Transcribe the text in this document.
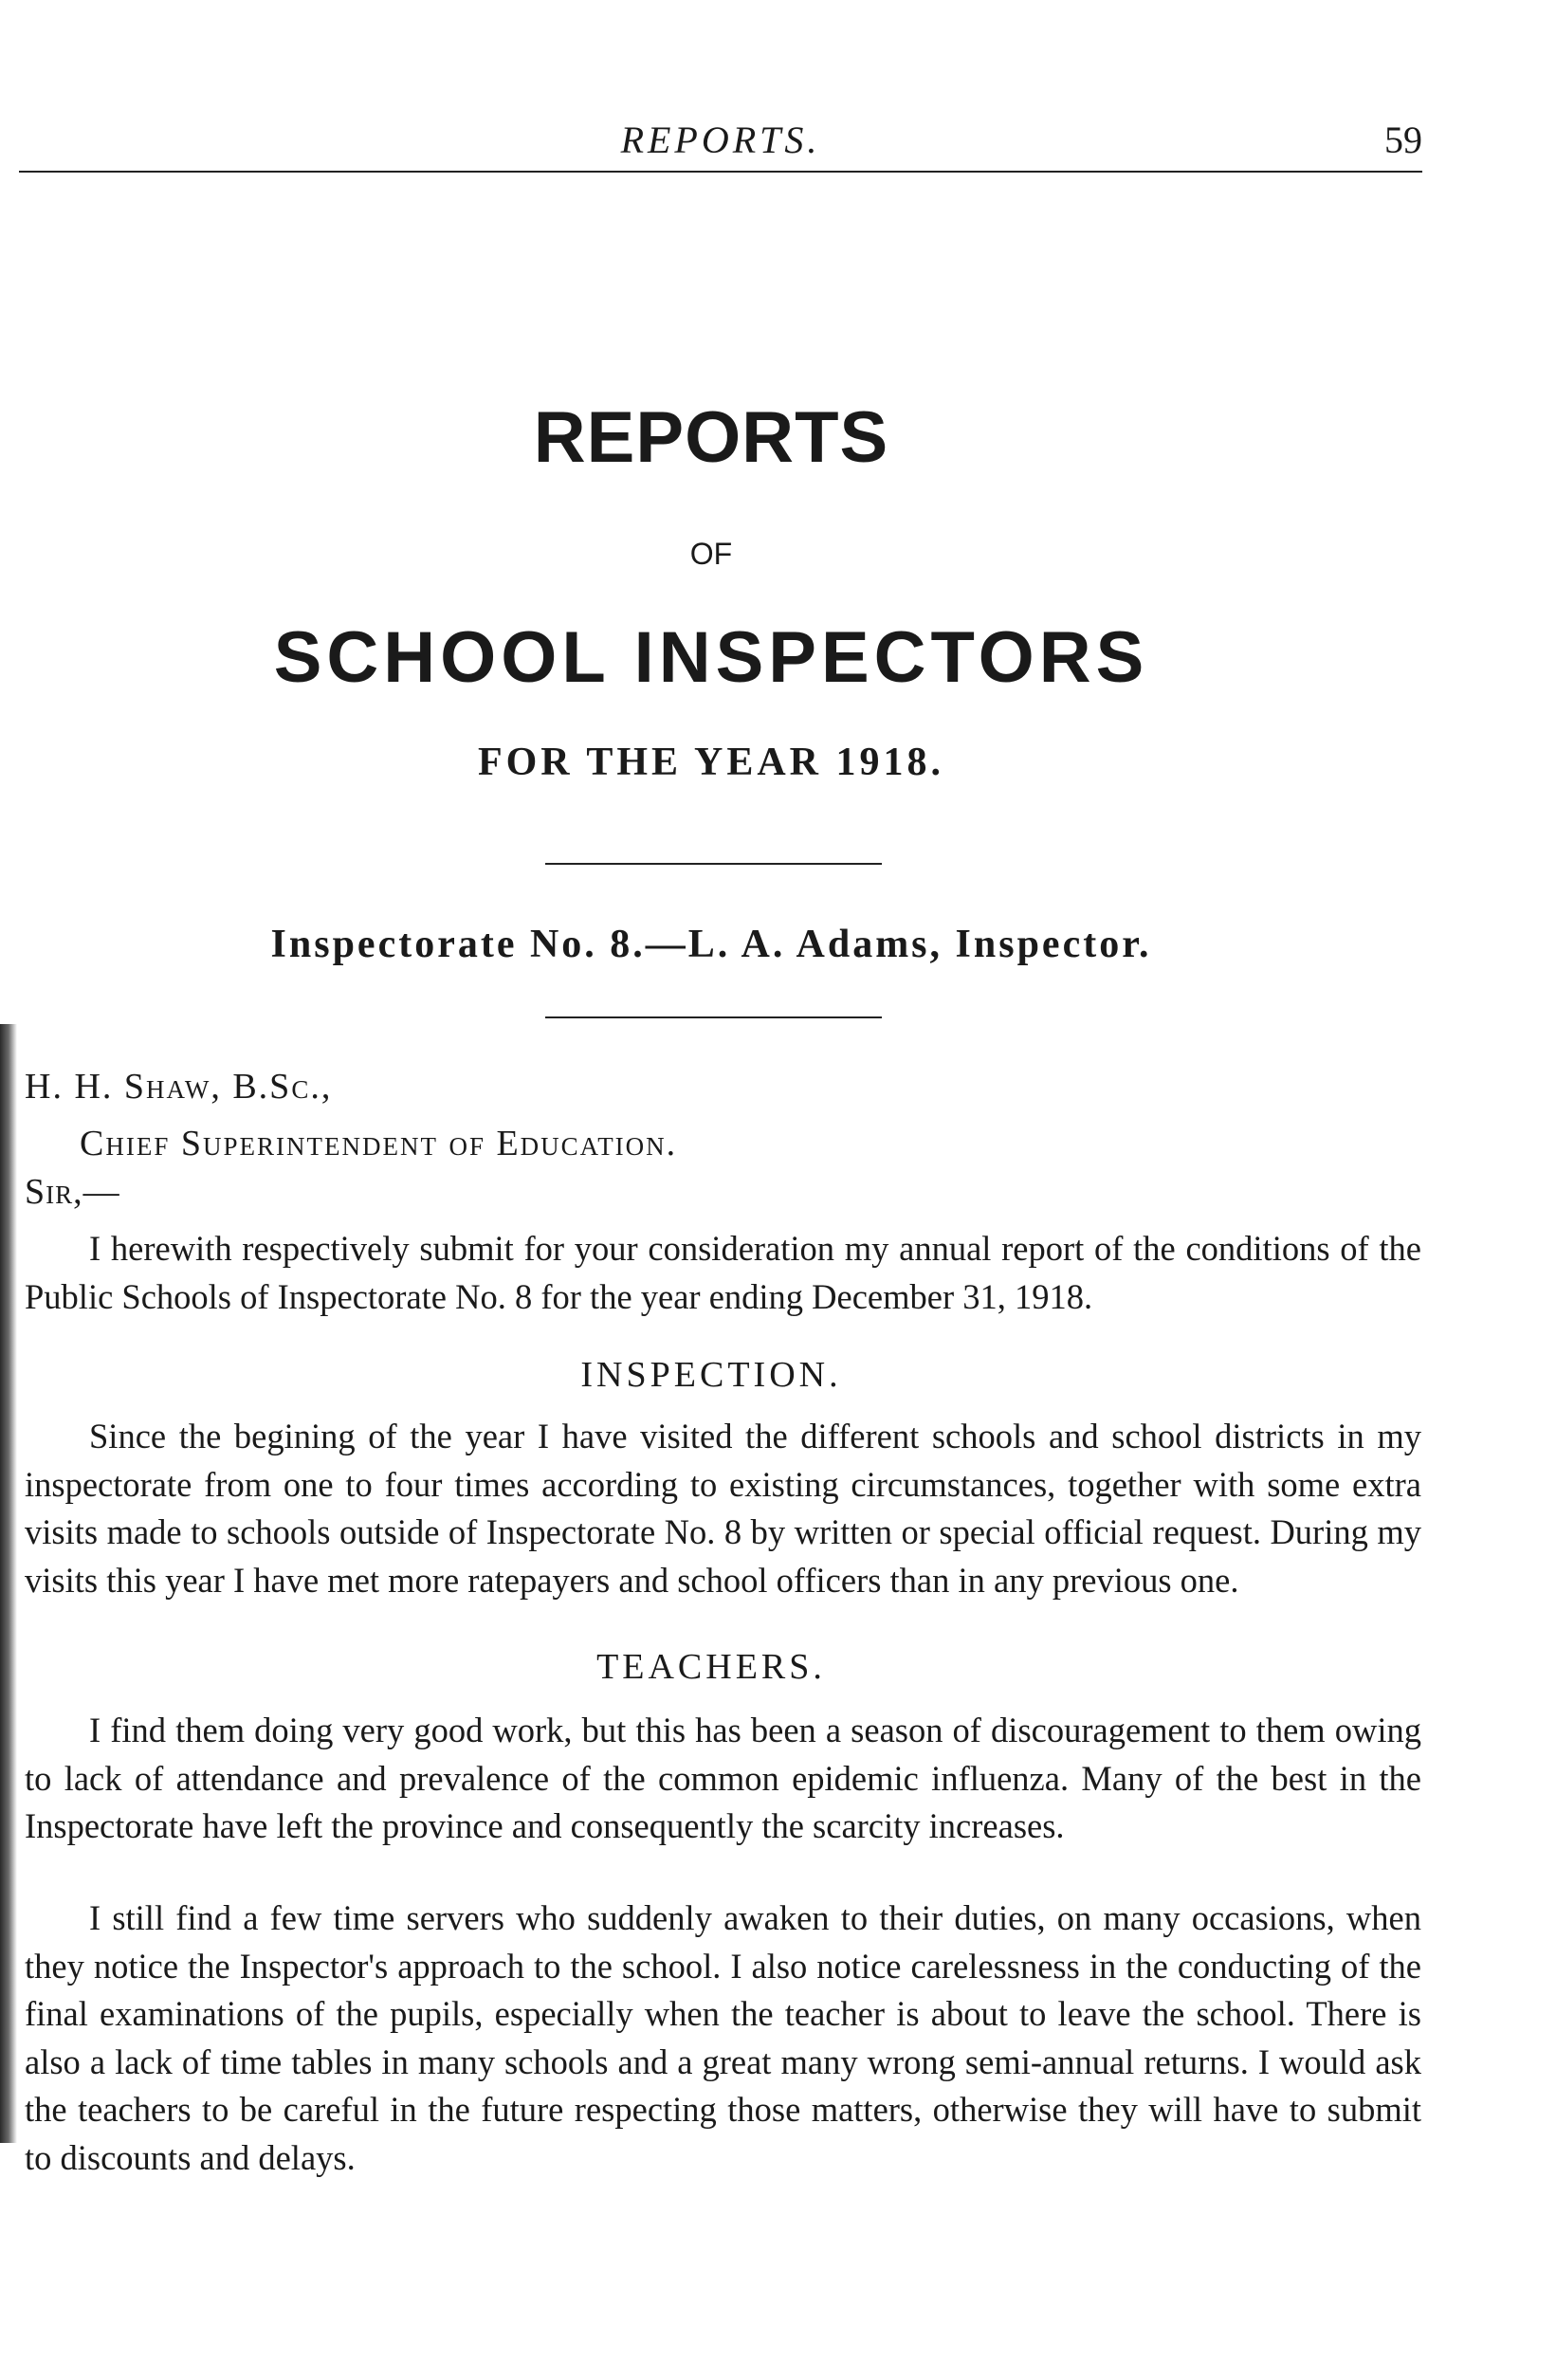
REPORTS.	59
REPORTS

OF

SCHOOL INSPECTORS

FOR THE YEAR 1918.

Inspectorate No. 8.—L. A. Adams, Inspector.

H. H. Shaw, B.Sc.,
Chief Superintendent of Education.
Sir,—

I herewith respectively submit for your consideration my annual report of the conditions of the Public Schools of Inspectorate No. 8 for the year ending December 31, 1918.

INSPECTION.

Since the begining of the year I have visited the different schools and school districts in my inspectorate from one to four times according to existing circumstances, together with some extra visits made to schools outside of Inspectorate No. 8 by written or special official request. During my visits this year I have met more ratepayers and school officers than in any previous one.

TEACHERS.

I find them doing very good work, but this has been a season of discouragement to them owing to lack of attendance and prevalence of the common epidemic influenza. Many of the best in the Inspectorate have left the province and consequently the scarcity increases.

I still find a few time servers who suddenly awaken to their duties, on many occasions, when they notice the Inspector's approach to the school. I also notice carelessness in the conducting of the final examinations of the pupils, especially when the teacher is about to leave the school. There is also a lack of time tables in many schools and a great many wrong semi-annual returns. I would ask the teachers to be careful in the future respecting those matters, otherwise they will have to submit to discounts and delays.
